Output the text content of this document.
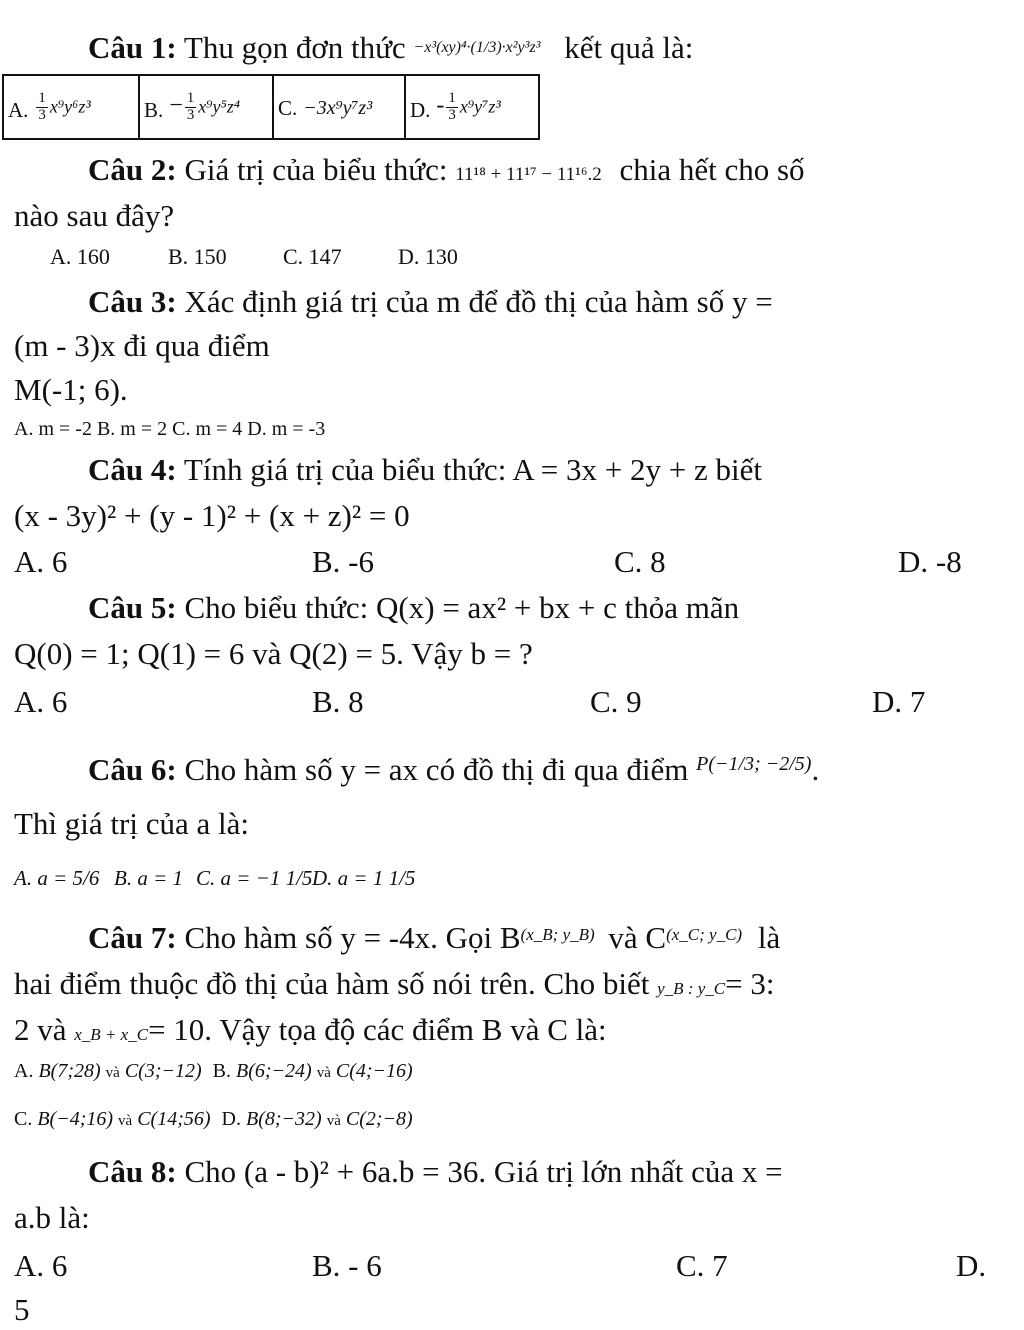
Câu 1: Thu gọn đơn thức −x³(xy)⁴·(1/3)·x²y³z³ kết quả là:
A. $\frac{1}{3} x^9y^6z^3$	B. − $\frac{1}{3} x^9y^5z^4$	C. −3x⁹y⁷z³	D. - $\frac{1}{3} x^9y^7z^3$
Câu 2: Giá trị của biểu thức: 11¹⁸ + 11¹⁷ − 11¹⁶.2 chia hết cho số
nào sau đây?
A. 160	B. 150	C. 147	D. 130
Câu 3: Xác định giá trị của m để đồ thị của hàm số y =
(m - 3)x đi qua điểm
M(-1; 6).
A. m = -2 B. m = 2 C. m = 4 D. m = -3
Câu 4: Tính giá trị của biểu thức: A = 3x + 2y + z biết
(x - 3y)² + (y - 1)² + (x + z)² = 0
A. 6	B. -6	C. 8	D. -8
Câu 5: Cho biểu thức: Q(x) = ax² + bx + c thỏa mãn
Q(0) = 1; Q(1) = 6 và Q(2) = 5. Vậy b = ?
A. 6	B. 8	C. 9	D. 7
Câu 6: Cho hàm số y = ax có đồ thị đi qua điểm $^{P(-1/3; -2/5)}$.
Thì giá trị của a là:
A. a = 5/6 B. a = 1 C. a = −1 1/5 D. a = 1 1/5
Câu 7: Cho hàm số y = -4x. Gọi $B^{(x\_B; y\_B)}$ và $C^{(x\_C; y\_C)}$ là
hai điểm thuộc đồ thị của hàm số nói trên. Cho biết y_B : y_C= 3:
2 và x_B + x_C= 10. Vậy tọa độ các điểm B và C là:
A. B(7;28) và C(3;−12) B. B(6;−24) và C(4;−16)
C. B(−4;16) và C(14;56) D. B(8;−32) và C(2;−8)
Câu 8: Cho (a - b)² + 6a.b = 36. Giá trị lớn nhất của x =
a.b là:
A. 6	B. - 6	C. 7	D.
5
